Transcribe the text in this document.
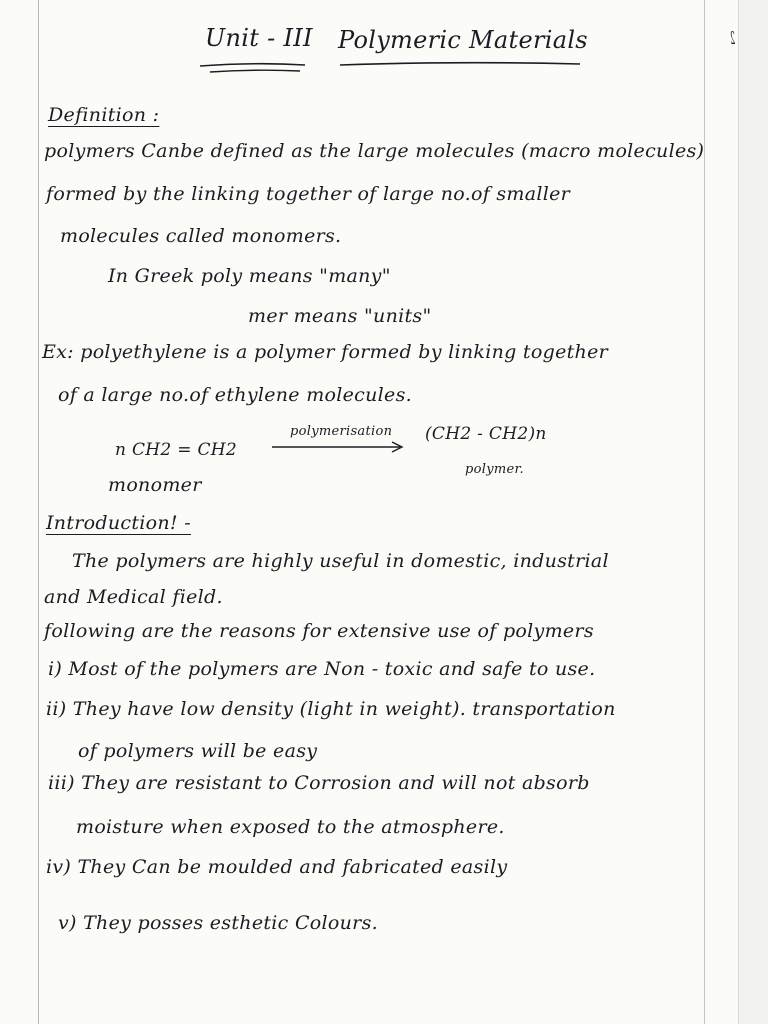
Unit - III Polymeric Materials	2
Definition :
polymers Canbe defined as the large molecules (macro molecules)
formed by the linking together of large no.of smaller
molecules called monomers.
In Greek poly means "many"
mer means "units"
Ex: polyethylene is a polymer formed by linking together
of a large no.of ethylene molecules.
n CH2 = CH2
polymerisation (CH2 - CH2)n
monomer
polymer.
Introduction! -
The polymers are highly useful in domestic, industrial
and Medical field.
following are the reasons for extensive use of polymers
i) Most of the polymers are Non - toxic and safe to use.
ii) They have low density (light in weight). transportation
of polymers will be easy
iii) They are resistant to Corrosion and will not absorb
moisture when exposed to the atmosphere.
iv) They Can be moulded and fabricated easily
v) They posses esthetic Colours.
